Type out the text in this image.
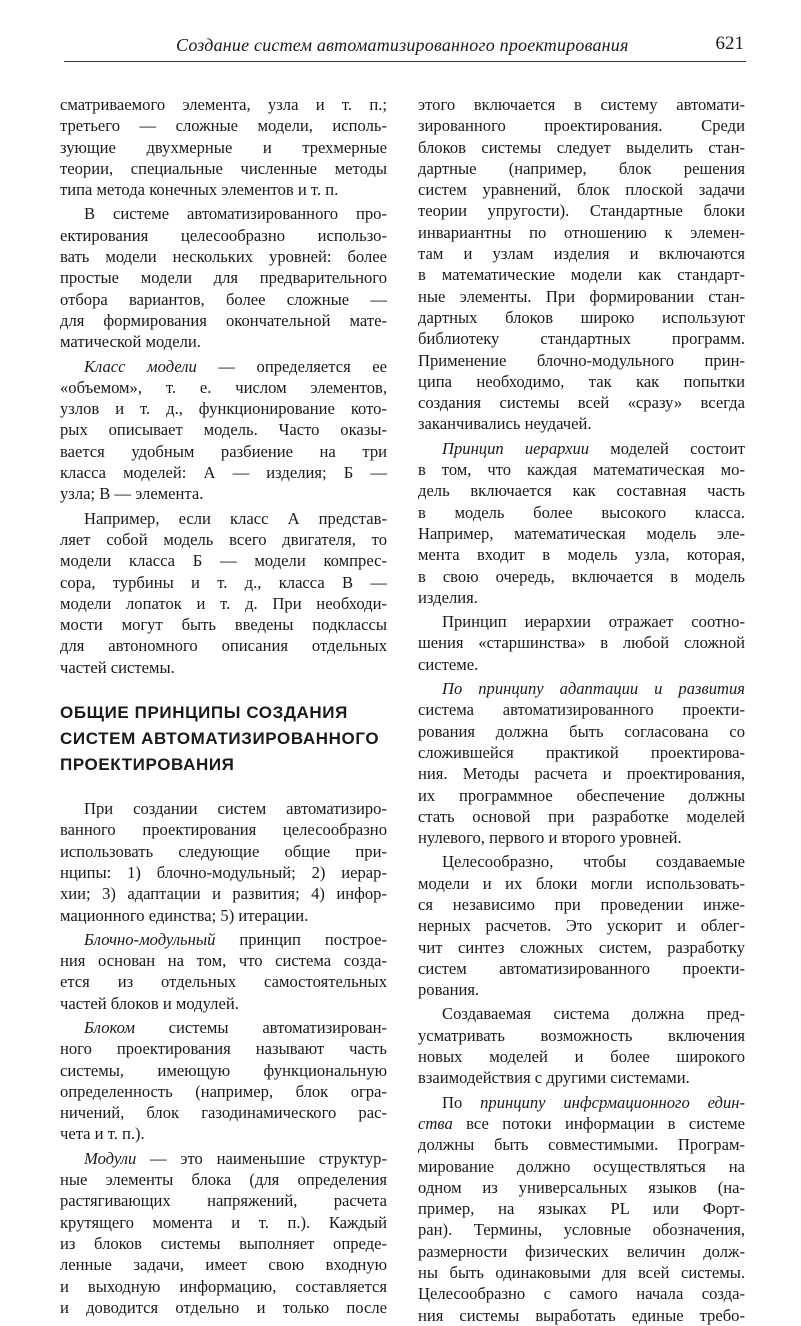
Создание систем автоматизированного проектирования	621
сматриваемого элемента, узла и т. п.;
третьего — сложные модели, исполь-
зующие двухмерные и трехмерные
теории, специальные численные методы
типа метода конечных элементов и т. п.
В системе автоматизированного про-
ектирования целесообразно использо-
вать модели нескольких уровней: более
простые модели для предварительного
отбора вариантов, более сложные —
для формирования окончательной мате-
матической модели.
Класс модели — определяется ее
«объемом», т. е. числом элементов,
узлов и т. д., функционирование кото-
рых описывает модель. Часто оказы-
вается удобным разбиение на три
класса моделей: А — изделия; Б —
узла; В — элемента.
Например, если класс А представ-
ляет собой модель всего двигателя, то
модели класса Б — модели компрес-
сора, турбины и т. д., класса В —
модели лопаток и т. д. При необходи-
мости могут быть введены подклассы
для автономного описания отдельных
частей системы.
ОБЩИЕ ПРИНЦИПЫ СОЗДАНИЯ
СИСТЕМ АВТОМАТИЗИРОВАННОГО
ПРОЕКТИРОВАНИЯ
При создании систем автоматизиро-
ванного проектирования целесообразно
использовать следующие общие при-
нципы: 1) блочно-модульный; 2) иерар-
хии; 3) адаптации и развития; 4) инфор-
мационного единства; 5) итерации.
Блочно-модульный принцип построе-
ния основан на том, что система созда-
ется из отдельных самостоятельных
частей блоков и модулей.
Блоком системы автоматизирован-
ного проектирования называют часть
системы, имеющую функциональную
определенность (например, блок огра-
ничений, блок газодинамического рас-
чета и т. п.).
Модули — это наименьшие структур-
ные элементы блока (для определения
растягивающих напряжений, расчета
крутящего момента и т. п.). Каждый
из блоков системы выполняет опреде-
ленные задачи, имеет свою входную
и выходную информацию, составляется
и доводится отдельно и только после
этого включается в систему автомати-
зированного проектирования. Среди
блоков системы следует выделить стан-
дартные (например, блок решения
систем уравнений, блок плоской задачи
теории упругости). Стандартные блоки
инвариантны по отношению к элемен-
там и узлам изделия и включаются
в математические модели как стандарт-
ные элементы. При формировании стан-
дартных блоков широко используют
библиотеку стандартных программ.
Применение блочно-модульного прин-
ципа необходимо, так как попытки
создания системы всей «сразу» всегда
заканчивались неудачей.
Принцип иерархии моделей состоит
в том, что каждая математическая мо-
дель включается как составная часть
в модель более высокого класса.
Например, математическая модель эле-
мента входит в модель узла, которая,
в свою очередь, включается в модель
изделия.
Принцип иерархии отражает соотно-
шения «старшинства» в любой сложной
системе.
По принципу адаптации и развития
система автоматизированного проекти-
рования должна быть согласована со
сложившейся практикой проектирова-
ния. Методы расчета и проектирования,
их программное обеспечение должны
стать основой при разработке моделей
нулевого, первого и второго уровней.
Целесообразно, чтобы создаваемые
модели и их блоки могли использовать-
ся независимо при проведении инже-
нерных расчетов. Это ускорит и облег-
чит синтез сложных систем, разработку
систем автоматизированного проекти-
рования.
Создаваемая система должна пред-
усматривать возможность включения
новых моделей и более широкого
взаимодействия с другими системами.
По принципу инфсрмационного един-
ства все потоки информации в системе
должны быть совместимыми. Програм-
мирование должно осуществляться на
одном из универсальных языков (на-
пример, на языках PL или Форт-
ран). Термины, условные обозначения,
размерности физических величин долж-
ны быть одинаковыми для всей системы.
Целесообразно с самого начала созда-
ния системы выработать единые требо-
